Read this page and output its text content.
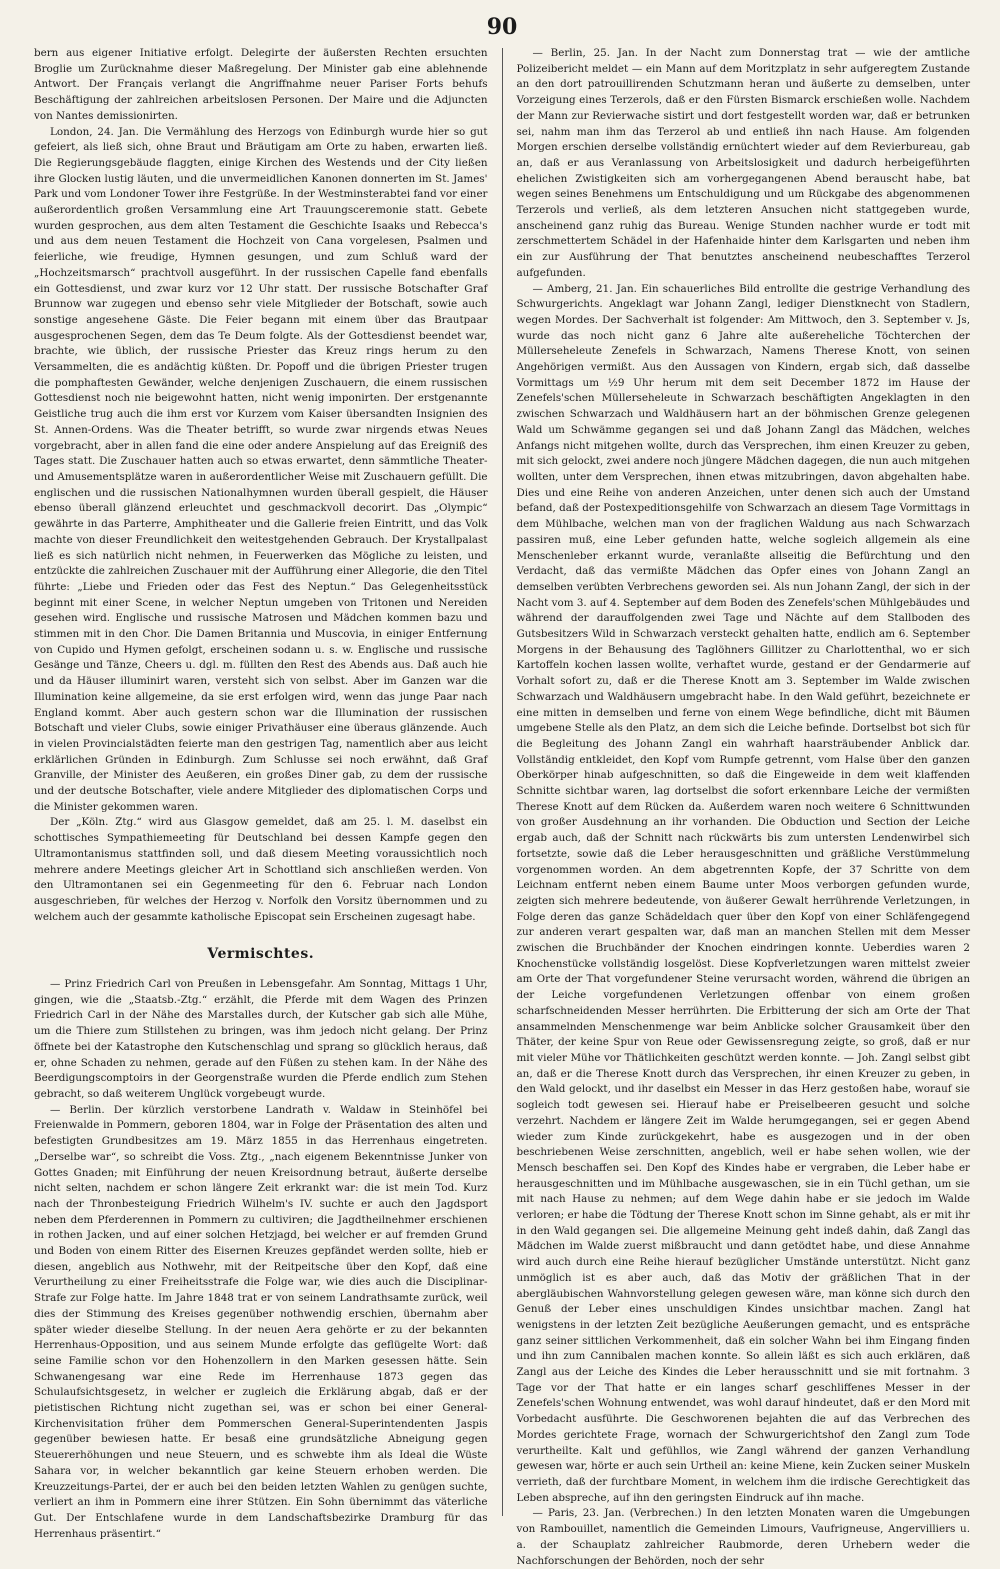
90

bern aus eigener Initiative erfolgt. Delegirte der äußersten Rechten ersuchten Broglie um Zurücknahme dieser Maßregelung. Der Minister gab eine ablehnende Antwort. Der Français verlangt die Angriffnahme neuer Pariser Forts behufs Beschäftigung der zahlreichen arbeitslosen Personen. Der Maire und die Adjuncten von Nantes demissionirten.

London, 24. Jan. Die Vermählung des Herzogs von Edinburgh wurde hier so gut gefeiert, als ließ sich, ohne Braut und Bräutigam am Orte zu haben, erwarten ließ. Die Regierungsgebäude flaggten, einige Kirchen des Westends und der City ließen ihre Glocken lustig läuten, und die unvermeidlichen Kanonen donnerten im St. James' Park und vom Londoner Tower ihre Festgrüße. In der Westminsterabtei fand vor einer außerordentlich großen Versammlung eine Art Trauungsceremonie statt. Gebete wurden gesprochen, aus dem alten Testament die Geschichte Isaaks und Rebecca's und aus dem neuen Testament die Hochzeit von Cana vorgelesen, Psalmen und feierliche, wie freudige, Hymnen gesungen, und zum Schluß ward der „Hochzeitsmarsch“ prachtvoll ausgeführt. In der russischen Capelle fand ebenfalls ein Gottesdienst, und zwar kurz vor 12 Uhr statt. Der russische Botschafter Graf Brunnow war zugegen und ebenso sehr viele Mitglieder der Botschaft, sowie auch sonstige angesehene Gäste. Die Feier begann mit einem über das Brautpaar ausgesprochenen Segen, dem das Te Deum folgte. Als der Gottesdienst beendet war, brachte, wie üblich, der russische Priester das Kreuz rings herum zu den Versammelten, die es andächtig küßten. Dr. Popoff und die übrigen Priester trugen die pomphaftesten Gewänder, welche denjenigen Zuschauern, die einem russischen Gottesdienst noch nie beigewohnt hatten, nicht wenig imponirten. Der erstgenannte Geistliche trug auch die ihm erst vor Kurzem vom Kaiser übersandten Insignien des St. Annen-Ordens. Was die Theater betrifft, so wurde zwar nirgends etwas Neues vorgebracht, aber in allen fand die eine oder andere Anspielung auf das Ereigniß des Tages statt. Die Zuschauer hatten auch so etwas erwartet, denn sämmtliche Theater- und Amusementsplätze waren in außerordentlicher Weise mit Zuschauern gefüllt. Die englischen und die russischen Nationalhymnen wurden überall gespielt, die Häuser ebenso überall glänzend erleuchtet und geschmackvoll decorirt. Das „Olympic“ gewährte in das Parterre, Amphitheater und die Gallerie freien Eintritt, und das Volk machte von dieser Freundlichkeit den weitestgehenden Gebrauch. Der Krystallpalast ließ es sich natürlich nicht nehmen, in Feuerwerken das Mögliche zu leisten, und entzückte die zahlreichen Zuschauer mit der Aufführung einer Allegorie, die den Titel führte: „Liebe und Frieden oder das Fest des Neptun.“ Das Gelegenheitsstück beginnt mit einer Scene, in welcher Neptun umgeben von Tritonen und Nereiden gesehen wird. Englische und russische Matrosen und Mädchen kommen bazu und stimmen mit in den Chor. Die Damen Britannia und Muscovia, in einiger Entfernung von Cupido und Hymen gefolgt, erscheinen sodann u. s. w. Englische und russische Gesänge und Tänze, Cheers u. dgl. m. füllten den Rest des Abends aus. Daß auch hie und da Häuser illuminirt waren, versteht sich von selbst. Aber im Ganzen war die Illumination keine allgemeine, da sie erst erfolgen wird, wenn das junge Paar nach England kommt. Aber auch gestern schon war die Illumination der russischen Botschaft und vieler Clubs, sowie einiger Privathäuser eine überaus glänzende. Auch in vielen Provincialstädten feierte man den gestrigen Tag, namentlich aber aus leicht erklärlichen Gründen in Edinburgh. Zum Schlusse sei noch erwähnt, daß Graf Granville, der Minister des Aeußeren, ein großes Diner gab, zu dem der russische und der deutsche Botschafter, viele andere Mitglieder des diplomatischen Corps und die Minister gekommen waren.

Der „Köln. Ztg.“ wird aus Glasgow gemeldet, daß am 25. l. M. daselbst ein schottisches Sympathiemeeting für Deutschland bei dessen Kampfe gegen den Ultramontanismus stattfinden soll, und daß diesem Meeting voraussichtlich noch mehrere andere Meetings gleicher Art in Schottland sich anschließen werden. Von den Ultramontanen sei ein Gegenmeeting für den 6. Februar nach London ausgeschrieben, für welches der Herzog v. Norfolk den Vorsitz übernommen und zu welchem auch der gesammte katholische Episcopat sein Erscheinen zugesagt habe.

Vermischtes.

— Prinz Friedrich Carl von Preußen in Lebensgefahr. Am Sonntag, Mittags 1 Uhr, gingen, wie die „Staatsb.-Ztg.“ erzählt, die Pferde mit dem Wagen des Prinzen Friedrich Carl in der Nähe des Marstalles durch, der Kutscher gab sich alle Mühe, um die Thiere zum Stillstehen zu bringen, was ihm jedoch nicht gelang. Der Prinz öffnete bei der Katastrophe den Kutschenschlag und sprang so glücklich heraus, daß er, ohne Schaden zu nehmen, gerade auf den Füßen zu stehen kam. In der Nähe des Beerdigungscomptoirs in der Georgenstraße wurden die Pferde endlich zum Stehen gebracht, so daß weiterem Unglück vorgebeugt wurde.

— Berlin. Der kürzlich verstorbene Landrath v. Waldaw in Steinhöfel bei Freienwalde in Pommern, geboren 1804, war in Folge der Präsentation des alten und befestigten Grundbesitzes am 19. März 1855 in das Herrenhaus eingetreten. „Derselbe war“, so schreibt die Voss. Ztg., „nach eigenem Bekenntnisse Junker von Gottes Gnaden; mit Einführung der neuen Kreisordnung betraut, äußerte derselbe nicht selten, nachdem er schon längere Zeit erkrankt war: die ist mein Tod. Kurz nach der Thronbesteigung Friedrich Wilhelm's IV. suchte er auch den Jagdsport neben dem Pferderennen in Pommern zu cultiviren; die Jagdtheilnehmer erschienen in rothen Jacken, und auf einer solchen Hetzjagd, bei welcher er auf fremden Grund und Boden von einem Ritter des Eisernen Kreuzes gepfändet werden sollte, hieb er diesen, angeblich aus Nothwehr, mit der Reitpeitsche über den Kopf, daß eine Verurtheilung zu einer Freiheitsstrafe die Folge war, wie dies auch die Disciplinar-Strafe zur Folge hatte. Im Jahre 1848 trat er von seinem Landrathsamte zurück, weil dies der Stimmung des Kreises gegenüber nothwendig erschien, übernahm aber später wieder dieselbe Stellung. In der neuen Aera gehörte er zu der bekannten Herrenhaus-Opposition, und aus seinem Munde erfolgte das geflügelte Wort: daß seine Familie schon vor den Hohenzollern in den Marken gesessen hätte. Sein Schwanengesang war eine Rede im Herrenhause 1873 gegen das Schulaufsichtsgesetz, in welcher er zugleich die Erklärung abgab, daß er der pietistischen Richtung nicht zugethan sei, was er schon bei einer General-Kirchenvisitation früher dem Pommerschen General-Superintendenten Jaspis gegenüber bewiesen hatte. Er besaß eine grundsätzliche Abneigung gegen Steuererhöhungen und neue Steuern, und es schwebte ihm als Ideal die Wüste Sahara vor, in welcher bekanntlich gar keine Steuern erhoben werden. Die Kreuzzeitungs-Partei, der er auch bei den beiden letzten Wahlen zu genügen suchte, verliert an ihm in Pommern eine ihrer Stützen. Ein Sohn übernimmt das väterliche Gut. Der Entschlafene wurde in dem Landschaftsbezirke Dramburg für das Herrenhaus präsentirt.“

— Berlin, 25. Jan. In der Nacht zum Donnerstag trat — wie der amtliche Polizeibericht meldet — ein Mann auf dem Moritzplatz in sehr aufgeregtem Zustande an den dort patrouillirenden Schutzmann heran und äußerte zu demselben, unter Vorzeigung eines Terzerols, daß er den Fürsten Bismarck erschießen wolle. Nachdem der Mann zur Revierwache sistirt und dort festgestellt worden war, daß er betrunken sei, nahm man ihm das Terzerol ab und entließ ihn nach Hause. Am folgenden Morgen erschien derselbe vollständig ernüchtert wieder auf dem Revierbureau, gab an, daß er aus Veranlassung von Arbeitslosigkeit und dadurch herbeigeführten ehelichen Zwistigkeiten sich am vorhergegangenen Abend berauscht habe, bat wegen seines Benehmens um Entschuldigung und um Rückgabe des abgenommenen Terzerols und verließ, als dem letzteren Ansuchen nicht stattgegeben wurde, anscheinend ganz ruhig das Bureau. Wenige Stunden nachher wurde er todt mit zerschmettertem Schädel in der Hafenhaide hinter dem Karlsgarten und neben ihm ein zur Ausführung der That benutztes anscheinend neubeschafftes Terzerol aufgefunden.

— Amberg, 21. Jan. Ein schauerliches Bild entrollte die gestrige Verhandlung des Schwurgerichts. Angeklagt war Johann Zangl, lediger Dienstknecht von Stadlern, wegen Mordes. Der Sachverhalt ist folgender: Am Mittwoch, den 3. September v. Js, wurde das noch nicht ganz 6 Jahre alte außereheliche Töchterchen der Müllerseheleute Zenefels in Schwarzach, Namens Therese Knott, von seinen Angehörigen vermißt. Aus den Aussagen von Kindern, ergab sich, daß dasselbe Vormittags um ½9 Uhr herum mit dem seit December 1872 im Hause der Zenefels'schen Müllerseheleute in Schwarzach beschäftigten Angeklagten in den zwischen Schwarzach und Waldhäusern hart an der böhmischen Grenze gelegenen Wald um Schwämme gegangen sei und daß Johann Zangl das Mädchen, welches Anfangs nicht mitgehen wollte, durch das Versprechen, ihm einen Kreuzer zu geben, mit sich gelockt, zwei andere noch jüngere Mädchen dagegen, die nun auch mitgehen wollten, unter dem Versprechen, ihnen etwas mitzubringen, davon abgehalten habe. Dies und eine Reihe von anderen Anzeichen, unter denen sich auch der Umstand befand, daß der Postexpeditionsgehilfe von Schwarzach an diesem Tage Vormittags in dem Mühlbache, welchen man von der fraglichen Waldung aus nach Schwarzach passiren muß, eine Leber gefunden hatte, welche sogleich allgemein als eine Menschenleber erkannt wurde, veranlaßte allseitig die Befürchtung und den Verdacht, daß das vermißte Mädchen das Opfer eines von Johann Zangl an demselben verübten Verbrechens geworden sei. Als nun Johann Zangl, der sich in der Nacht vom 3. auf 4. September auf dem Boden des Zenefels'schen Mühlgebäudes und während der darauffolgenden zwei Tage und Nächte auf dem Stallboden des Gutsbesitzers Wild in Schwarzach versteckt gehalten hatte, endlich am 6. September Morgens in der Behausung des Taglöhners Gillitzer zu Charlottenthal, wo er sich Kartoffeln kochen lassen wollte, verhaftet wurde, gestand er der Gendarmerie auf Vorhalt sofort zu, daß er die Therese Knott am 3. September im Walde zwischen Schwarzach und Waldhäusern umgebracht habe. In den Wald geführt, bezeichnete er eine mitten in demselben und ferne von einem Wege befindliche, dicht mit Bäumen umgebene Stelle als den Platz, an dem sich die Leiche befinde. Dortselbst bot sich für die Begleitung des Johann Zangl ein wahrhaft haarsträubender Anblick dar. Vollständig entkleidet, den Kopf vom Rumpfe getrennt, vom Halse über den ganzen Oberkörper hinab aufgeschnitten, so daß die Eingeweide in dem weit klaffenden Schnitte sichtbar waren, lag dortselbst die sofort erkennbare Leiche der vermißten Therese Knott auf dem Rücken da. Außerdem waren noch weitere 6 Schnittwunden von großer Ausdehnung an ihr vorhanden. Die Obduction und Section der Leiche ergab auch, daß der Schnitt nach rückwärts bis zum untersten Lendenwirbel sich fortsetzte, sowie daß die Leber herausgeschnitten und gräßliche Verstümmelung vorgenommen worden. An dem abgetrennten Kopfe, der 37 Schritte von dem Leichnam entfernt neben einem Baume unter Moos verborgen gefunden wurde, zeigten sich mehrere bedeutende, von äußerer Gewalt herrührende Verletzungen, in Folge deren das ganze Schädeldach quer über den Kopf von einer Schläfengegend zur anderen verart gespalten war, daß man an manchen Stellen mit dem Messer zwischen die Bruchbänder der Knochen eindringen konnte. Ueberdies waren 2 Knochenstücke vollständig losgelöst. Diese Kopfverletzungen waren mittelst zweier am Orte der That vorgefundener Steine verursacht worden, während die übrigen an der Leiche vorgefundenen Verletzungen offenbar von einem großen scharfschneidenden Messer herrührten. Die Erbitterung der sich am Orte der That ansammelnden Menschenmenge war beim Anblicke solcher Grausamkeit über den Thäter, der keine Spur von Reue oder Gewissensregung zeigte, so groß, daß er nur mit vieler Mühe vor Thätlichkeiten geschützt werden konnte. — Joh. Zangl selbst gibt an, daß er die Therese Knott durch das Versprechen, ihr einen Kreuzer zu geben, in den Wald gelockt, und ihr daselbst ein Messer in das Herz gestoßen habe, worauf sie sogleich todt gewesen sei. Hierauf habe er Preiselbeeren gesucht und solche verzehrt. Nachdem er längere Zeit im Walde herumgegangen, sei er gegen Abend wieder zum Kinde zurückgekehrt, habe es ausgezogen und in der oben beschriebenen Weise zerschnitten, angeblich, weil er habe sehen wollen, wie der Mensch beschaffen sei. Den Kopf des Kindes habe er vergraben, die Leber habe er herausgeschnitten und im Mühlbache ausgewaschen, sie in ein Tüchl gethan, um sie mit nach Hause zu nehmen; auf dem Wege dahin habe er sie jedoch im Walde verloren; er habe die Tödtung der Therese Knott schon im Sinne gehabt, als er mit ihr in den Wald gegangen sei. Die allgemeine Meinung geht indeß dahin, daß Zangl das Mädchen im Walde zuerst mißbraucht und dann getödtet habe, und diese Annahme wird auch durch eine Reihe hierauf bezüglicher Umstände unterstützt. Nicht ganz unmöglich ist es aber auch, daß das Motiv der gräßlichen That in der abergläubischen Wahnvorstellung gelegen gewesen wäre, man könne sich durch den Genuß der Leber eines unschuldigen Kindes unsichtbar machen. Zangl hat wenigstens in der letzten Zeit bezügliche Aeußerungen gemacht, und es entspräche ganz seiner sittlichen Verkommenheit, daß ein solcher Wahn bei ihm Eingang finden und ihn zum Cannibalen machen konnte. So allein läßt es sich auch erklären, daß Zangl aus der Leiche des Kindes die Leber herausschnitt und sie mit fortnahm. 3 Tage vor der That hatte er ein langes scharf geschliffenes Messer in der Zenefels'schen Wohnung entwendet, was wohl darauf hindeutet, daß er den Mord mit Vorbedacht ausführte. Die Geschworenen bejahten die auf das Verbrechen des Mordes gerichtete Frage, wornach der Schwurgerichtshof den Zangl zum Tode verurtheilte. Kalt und gefühllos, wie Zangl während der ganzen Verhandlung gewesen war, hörte er auch sein Urtheil an: keine Miene, kein Zucken seiner Muskeln verrieth, daß der furchtbare Moment, in welchem ihm die irdische Gerechtigkeit das Leben abspreche, auf ihn den geringsten Eindruck auf ihn mache.

— Paris, 23. Jan. (Verbrechen.) In den letzten Monaten waren die Umgebungen von Rambouillet, namentlich die Gemeinden Limours, Vaufrigneuse, Angervilliers u. a. der Schauplatz zahlreicher Raubmorde, deren Urhebern weder die Nachforschungen der Behörden, noch der sehr
